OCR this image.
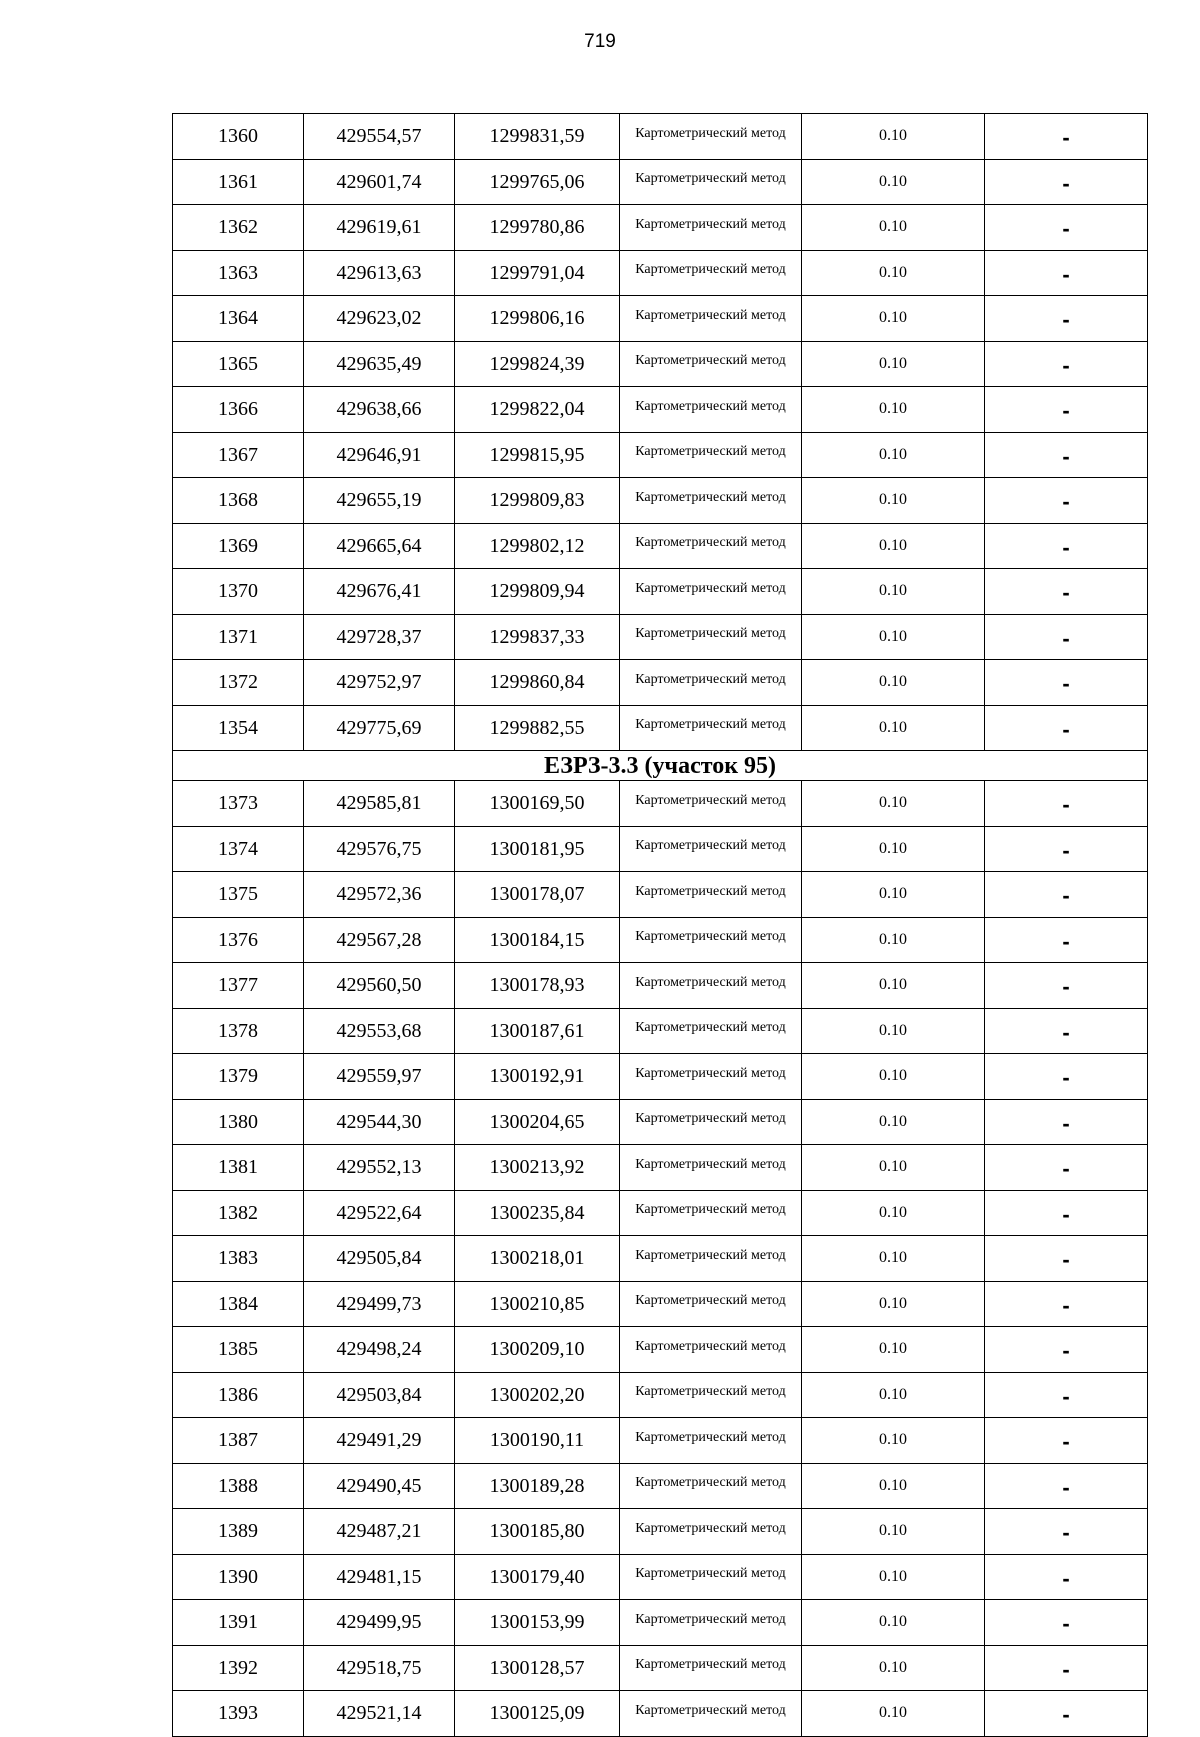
719
1360	429554,57	1299831,59	Картометрический метод	0.10	-
1361	429601,74	1299765,06	Картометрический метод	0.10	-
1362	429619,61	1299780,86	Картометрический метод	0.10	-
1363	429613,63	1299791,04	Картометрический метод	0.10	-
1364	429623,02	1299806,16	Картометрический метод	0.10	-
1365	429635,49	1299824,39	Картометрический метод	0.10	-
1366	429638,66	1299822,04	Картометрический метод	0.10	-
1367	429646,91	1299815,95	Картометрический метод	0.10	-
1368	429655,19	1299809,83	Картометрический метод	0.10	-
1369	429665,64	1299802,12	Картометрический метод	0.10	-
1370	429676,41	1299809,94	Картометрический метод	0.10	-
1371	429728,37	1299837,33	Картометрический метод	0.10	-
1372	429752,97	1299860,84	Картометрический метод	0.10	-
1354	429775,69	1299882,55	Картометрический метод	0.10	-
ЕЗРЗ-3.3 (участок 95)					
1373	429585,81	1300169,50	Картометрический метод	0.10	-
1374	429576,75	1300181,95	Картометрический метод	0.10	-
1375	429572,36	1300178,07	Картометрический метод	0.10	-
1376	429567,28	1300184,15	Картометрический метод	0.10	-
1377	429560,50	1300178,93	Картометрический метод	0.10	-
1378	429553,68	1300187,61	Картометрический метод	0.10	-
1379	429559,97	1300192,91	Картометрический метод	0.10	-
1380	429544,30	1300204,65	Картометрический метод	0.10	-
1381	429552,13	1300213,92	Картометрический метод	0.10	-
1382	429522,64	1300235,84	Картометрический метод	0.10	-
1383	429505,84	1300218,01	Картометрический метод	0.10	-
1384	429499,73	1300210,85	Картометрический метод	0.10	-
1385	429498,24	1300209,10	Картометрический метод	0.10	-
1386	429503,84	1300202,20	Картометрический метод	0.10	-
1387	429491,29	1300190,11	Картометрический метод	0.10	-
1388	429490,45	1300189,28	Картометрический метод	0.10	-
1389	429487,21	1300185,80	Картометрический метод	0.10	-
1390	429481,15	1300179,40	Картометрический метод	0.10	-
1391	429499,95	1300153,99	Картометрический метод	0.10	-
1392	429518,75	1300128,57	Картометрический метод	0.10	-
1393	429521,14	1300125,09	Картометрический метод	0.10	-
